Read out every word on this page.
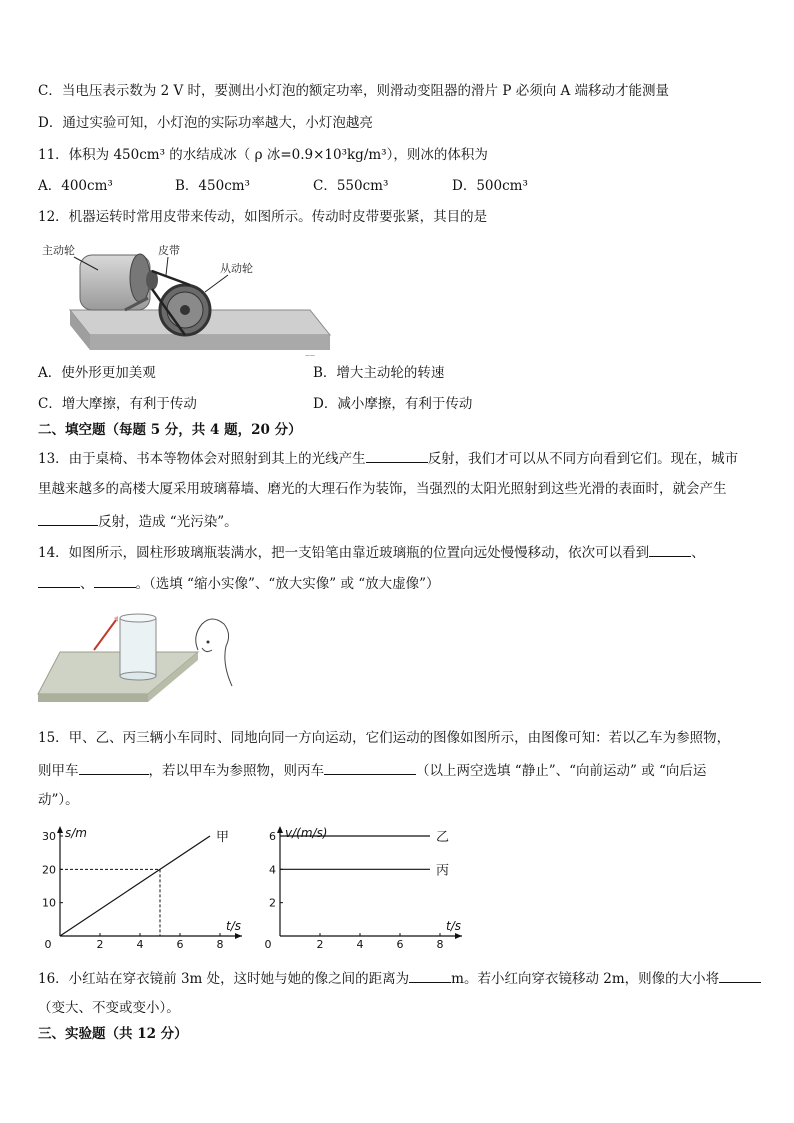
C．当电压表示数为 2 V 时，要测出小灯泡的额定功率，则滑动变阻器的滑片 P 必须向 A 端移动才能测量
D．通过实验可知，小灯泡的实际功率越大，小灯泡越亮
11．体积为 450cm³ 的水结成冰（ ρ 冰=0.9×10³kg/m³），则冰的体积为
A．400cm³	B．450cm³	C．550cm³	D．500cm³
12．机器运转时常用皮带来传动，如图所示。传动时皮带要张紧，其目的是
主动轮	皮带
从动轮
——
A．使外形更加美观	B．增大主动轮的转速
C．增大摩擦，有利于传动	D．减小摩擦，有利于传动
二、填空题（每题 5 分，共 4 题，20 分）
13．由于桌椅、书本等物体会对照射到其上的光线产生	反射，我们才可以从不同方向看到它们。现在，城市
里越来越多的高楼大厦采用玻璃幕墙、磨光的大理石作为装饰，当强烈的太阳光照射到这些光滑的表面时，就会产生
反射，造成 “光污染”。
14．如图所示，圆柱形玻璃瓶装满水，把一支铅笔由靠近玻璃瓶的位置向远处慢慢移动，依次可以看到	、
、	。（选填 “缩小实像”、“放大实像” 或 “放大虚像”）
15．甲、乙、丙三辆小车同时、同地向同一方向运动，它们运动的图像如图所示，由图像可知：若以乙车为参照物，
则甲车	，若以甲车为参照物，则丙车	（以上两空选填 “静止”、“向前运动” 或 “向后运
动”）。
s/m
t/s
0	2	4	6	8
10
20
30	甲	v/(m/s)
t/s
0	2	4	6	8
2
4
6	乙
丙
16．小红站在穿衣镜前 3m 处，这时她与她的像之间的距离为	m。若小红向穿衣镜移动 2m，则像的大小将
（变大、不变或变小）。
三、实验题（共 12 分）
